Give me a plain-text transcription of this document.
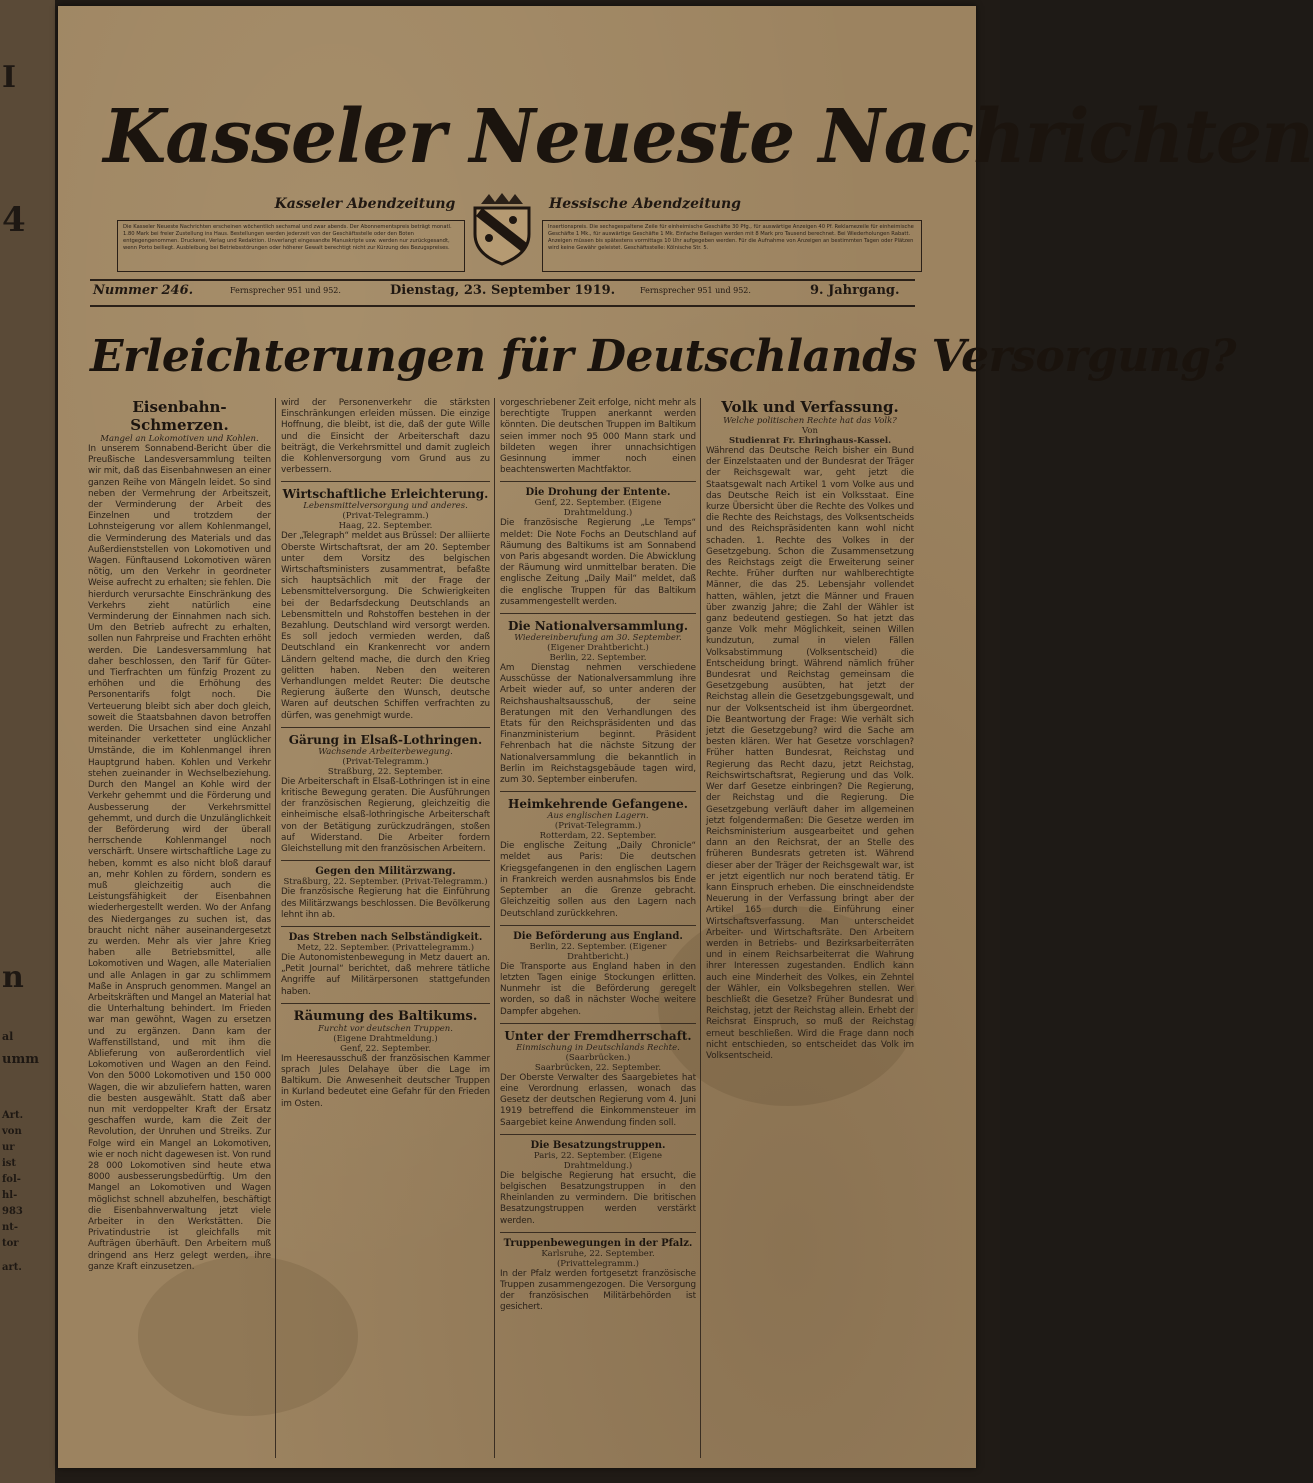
I
4
n
al
umm
Art.
von
ur
ist
fol-
hl-
983
nt-
tor
art.
Kasseler Neueste Nachrichten
Kasseler Abendzeitung	Hessische Abendzeitung
Die Kasseler Neueste Nachrichten erscheinen wöchentlich sechsmal und zwar abends. Der Abonnementspreis beträgt monatl. 1.80 Mark bei freier Zustellung ins Haus. Bestellungen werden jederzeit von der Geschäftsstelle oder den Boten entgegengenommen. Druckerei, Verlag und Redaktion. Unverlangt eingesandte Manuskripte usw. werden nur zurückgesandt, wenn Porto beiliegt. Ausbleibung bei Betriebsstörungen oder höherer Gewalt berechtigt nicht zur Kürzung des Bezugspreises.
Insertionspreis. Die sechsgespaltene Zeile für einheimische Geschäfte 30 Pfg., für auswärtige Anzeigen 40 Pf. Reklamezeile für einheimische Geschäfte 1 Mk., für auswärtige Geschäfte 1 Mk. Einfache Beilagen werden mit 8 Mark pro Tausend berechnet. Bei Wiederholungen Rabatt. Anzeigen müssen bis spätestens vormittags 10 Uhr aufgegeben werden. Für die Aufnahme von Anzeigen an bestimmten Tagen oder Plätzen wird keine Gewähr geleistet. Geschäftsstelle: Kölnische Str. 5.
Nummer 246.	Fernsprecher 951 und 952.	Dienstag, 23. September 1919.	Fernsprecher 951 und 952.	9. Jahrgang.
Erleichterungen für Deutschlands Versorgung?
Eisenbahn-Schmerzen.
Mangel an Lokomotiven und Kohlen.
In unserem Sonnabend-Bericht über die Preußische Landesversammlung teilten wir mit, daß das Eisenbahnwesen an einer ganzen Reihe von Mängeln leidet. So sind neben der Vermehrung der Arbeitszeit, der Verminderung der Arbeit des Einzelnen und trotzdem der Lohnsteigerung vor allem Kohlenmangel, die Verminderung des Materials und das Außerdienststellen von Lokomotiven und Wagen. Fünftausend Lokomotiven wären nötig, um den Verkehr in geordneter Weise aufrecht zu erhalten; sie fehlen. Die hierdurch verursachte Einschränkung des Verkehrs zieht natürlich eine Verminderung der Einnahmen nach sich. Um den Betrieb aufrecht zu erhalten, sollen nun Fahrpreise und Frachten erhöht werden. Die Landesversammlung hat daher beschlossen, den Tarif für Güter- und Tierfrachten um fünfzig Prozent zu erhöhen und die Erhöhung des Personentarifs folgt noch. Die Verteuerung bleibt sich aber doch gleich, soweit die Staatsbahnen davon betroffen werden. Die Ursachen sind eine Anzahl miteinander verketteter unglücklicher Umstände, die im Kohlenmangel ihren Hauptgrund haben. Kohlen und Verkehr stehen zueinander in Wechselbeziehung. Durch den Mangel an Kohle wird der Verkehr gehemmt und die Förderung und Ausbesserung der Verkehrsmittel gehemmt, und durch die Unzulänglichkeit der Beförderung wird der überall herrschende Kohlenmangel noch verschärft. Unsere wirtschaftliche Lage zu heben, kommt es also nicht bloß darauf an, mehr Kohlen zu fördern, sondern es muß gleichzeitig auch die Leistungsfähigkeit der Eisenbahnen wiederhergestellt werden. Wo der Anfang des Niederganges zu suchen ist, das braucht nicht näher auseinandergesetzt zu werden. Mehr als vier Jahre Krieg haben alle Betriebsmittel, alle Lokomotiven und Wagen, alle Materialien und alle Anlagen in gar zu schlimmem Maße in Anspruch genommen. Mangel an Arbeitskräften und Mangel an Material hat die Unterhaltung behindert. Im Frieden war man gewöhnt, Wagen zu ersetzen und zu ergänzen. Dann kam der Waffenstillstand, und mit ihm die Ablieferung von außerordentlich viel Lokomotiven und Wagen an den Feind. Von den 5000 Lokomotiven und 150 000 Wagen, die wir abzuliefern hatten, waren die besten ausgewählt. Statt daß aber nun mit verdoppelter Kraft der Ersatz geschaffen wurde, kam die Zeit der Revolution, der Unruhen und Streiks. Zur Folge wird ein Mangel an Lokomotiven, wie er noch nicht dagewesen ist. Von rund 28 000 Lokomotiven sind heute etwa 8000 ausbesserungsbedürftig. Um den Mangel an Lokomotiven und Wagen möglichst schnell abzuhelfen, beschäftigt die Eisenbahnverwaltung jetzt viele Arbeiter in den Werkstätten. Die Privatindustrie ist gleichfalls mit Aufträgen überhäuft. Den Arbeitern muß dringend ans Herz gelegt werden, ihre ganze Kraft einzusetzen.
wird der Personenverkehr die stärksten Einschränkungen erleiden müssen. Die einzige Hoffnung, die bleibt, ist die, daß der gute Wille und die Einsicht der Arbeiterschaft dazu beiträgt, die Verkehrsmittel und damit zugleich die Kohlenversorgung vom Grund aus zu verbessern.
Wirtschaftliche Erleichterung.
Lebensmittelversorgung und anderes.
(Privat-Telegramm.)
Haag, 22. September.
Der „Telegraph“ meldet aus Brüssel: Der alliierte Oberste Wirtschaftsrat, der am 20. September unter dem Vorsitz des belgischen Wirtschaftsministers zusammentrat, befaßte sich hauptsächlich mit der Frage der Lebensmittelversorgung. Die Schwierigkeiten bei der Bedarfsdeckung Deutschlands an Lebensmitteln und Rohstoffen bestehen in der Bezahlung. Deutschland wird versorgt werden. Es soll jedoch vermieden werden, daß Deutschland ein Krankenrecht vor andern Ländern geltend mache, die durch den Krieg gelitten haben. Neben den weiteren Verhandlungen meldet Reuter: Die deutsche Regierung äußerte den Wunsch, deutsche Waren auf deutschen Schiffen verfrachten zu dürfen, was genehmigt wurde.
Gärung in Elsaß-Lothringen.
Wachsende Arbeiterbewegung.
(Privat-Telegramm.)
Straßburg, 22. September.
Die Arbeiterschaft in Elsaß-Lothringen ist in eine kritische Bewegung geraten. Die Ausführungen der französischen Regierung, gleichzeitig die einheimische elsaß-lothringische Arbeiterschaft von der Betätigung zurückzudrängen, stoßen auf Widerstand. Die Arbeiter fordern Gleichstellung mit den französischen Arbeitern.
Gegen den Militärzwang.
Straßburg, 22. September. (Privat-Telegramm.)
Die französische Regierung hat die Einführung des Militärzwangs beschlossen. Die Bevölkerung lehnt ihn ab.
Das Streben nach Selbständigkeit.
Metz, 22. September. (Privattelegramm.)
Die Autonomistenbewegung in Metz dauert an. „Petit Journal“ berichtet, daß mehrere tätliche Angriffe auf Militärpersonen stattgefunden haben.
Räumung des Baltikums.
Furcht vor deutschen Truppen.
(Eigene Drahtmeldung.)
Genf, 22. September.
Im Heeresausschuß der französischen Kammer sprach Jules Delahaye über die Lage im Baltikum. Die Anwesenheit deutscher Truppen in Kurland bedeutet eine Gefahr für den Frieden im Osten.
vorgeschriebener Zeit erfolge, nicht mehr als berechtigte Truppen anerkannt werden könnten. Die deutschen Truppen im Baltikum seien immer noch 95 000 Mann stark und bildeten wegen ihrer unnachsichtigen Gesinnung immer noch einen beachtenswerten Machtfaktor.
Die Drohung der Entente.
Genf, 22. September. (Eigene Drahtmeldung.)
Die französische Regierung „Le Temps“ meldet: Die Note Fochs an Deutschland auf Räumung des Baltikums ist am Sonnabend von Paris abgesandt worden. Die Abwicklung der Räumung wird unmittelbar beraten. Die englische Zeitung „Daily Mail“ meldet, daß die englische Truppen für das Baltikum zusammengestellt werden.
Die Nationalversammlung.
Wiedereinberufung am 30. September.
(Eigener Drahtbericht.)
Berlin, 22. September.
Am Dienstag nehmen verschiedene Ausschüsse der Nationalversammlung ihre Arbeit wieder auf, so unter anderen der Reichshaushaltsausschuß, der seine Beratungen mit den Verhandlungen des Etats für den Reichspräsidenten und das Finanzministerium beginnt. Präsident Fehrenbach hat die nächste Sitzung der Nationalversammlung die bekanntlich in Berlin im Reichstagsgebäude tagen wird, zum 30. September einberufen.
Heimkehrende Gefangene.
Aus englischen Lagern.
(Privat-Telegramm.)
Rotterdam, 22. September.
Die englische Zeitung „Daily Chronicle“ meldet aus Paris: Die deutschen Kriegsgefangenen in den englischen Lagern in Frankreich werden ausnahmslos bis Ende September an die Grenze gebracht. Gleichzeitig sollen aus den Lagern nach Deutschland zurückkehren.
Die Beförderung aus England.
Berlin, 22. September. (Eigener Drahtbericht.)
Die Transporte aus England haben in den letzten Tagen einige Stockungen erlitten. Nunmehr ist die Beförderung geregelt worden, so daß in nächster Woche weitere Dampfer abgehen.
Unter der Fremdherrschaft.
Einmischung in Deutschlands Rechte.
(Saarbrücken.)
Saarbrücken, 22. September.
Der Oberste Verwalter des Saargebietes hat eine Verordnung erlassen, wonach das Gesetz der deutschen Regierung vom 4. Juni 1919 betreffend die Einkommensteuer im Saargebiet keine Anwendung finden soll.
Die Besatzungstruppen.
Paris, 22. September. (Eigene Drahtmeldung.)
Die belgische Regierung hat ersucht, die belgischen Besatzungstruppen in den Rheinlanden zu vermindern. Die britischen Besatzungstruppen werden verstärkt werden.
Truppenbewegungen in der Pfalz.
Karlsruhe, 22. September. (Privattelegramm.)
In der Pfalz werden fortgesetzt französische Truppen zusammengezogen. Die Versorgung der französischen Militärbehörden ist gesichert.
Volk und Verfassung.
Welche politischen Rechte hat das Volk?
Von
Studienrat Fr. Ehringhaus-Kassel.
Während das Deutsche Reich bisher ein Bund der Einzelstaaten und der Bundesrat der Träger der Reichsgewalt war, geht jetzt die Staatsgewalt nach Artikel 1 vom Volke aus und das Deutsche Reich ist ein Volksstaat. Eine kurze Übersicht über die Rechte des Volkes und die Rechte des Reichstags, des Volksentscheids und des Reichspräsidenten kann wohl nicht schaden. 1. Rechte des Volkes in der Gesetzgebung. Schon die Zusammensetzung des Reichstags zeigt die Erweiterung seiner Rechte. Früher durften nur wahlberechtigte Männer, die das 25. Lebensjahr vollendet hatten, wählen, jetzt die Männer und Frauen über zwanzig Jahre; die Zahl der Wähler ist ganz bedeutend gestiegen. So hat jetzt das ganze Volk mehr Möglichkeit, seinen Willen kundzutun, zumal in vielen Fällen Volksabstimmung (Volksentscheid) die Entscheidung bringt. Während nämlich früher Bundesrat und Reichstag gemeinsam die Gesetzgebung ausübten, hat jetzt der Reichstag allein die Gesetzgebungsgewalt, und nur der Volksentscheid ist ihm übergeordnet. Die Beantwortung der Frage: Wie verhält sich jetzt die Gesetzgebung? wird die Sache am besten klären. Wer hat Gesetze vorschlagen? Früher hatten Bundesrat, Reichstag und Regierung das Recht dazu, jetzt Reichstag, Reichswirtschaftsrat, Regierung und das Volk. Wer darf Gesetze einbringen? Die Regierung, der Reichstag und die Regierung. Die Gesetzgebung verläuft daher im allgemeinen jetzt folgendermaßen: Die Gesetze werden im Reichsministerium ausgearbeitet und gehen dann an den Reichsrat, der an Stelle des früheren Bundesrats getreten ist. Während dieser aber der Träger der Reichsgewalt war, ist er jetzt eigentlich nur noch beratend tätig. Er kann Einspruch erheben. Die einschneidendste Neuerung in der Verfassung bringt aber der Artikel 165 durch die Einführung einer Wirtschaftsverfassung. Man unterscheidet Arbeiter- und Wirtschaftsräte. Den Arbeitern werden in Betriebs- und Bezirksarbeiterräten und in einem Reichsarbeiterrat die Wahrung ihrer Interessen zugestanden. Endlich kann auch eine Minderheit des Volkes, ein Zehntel der Wähler, ein Volksbegehren stellen. Wer beschließt die Gesetze? Früher Bundesrat und Reichstag, jetzt der Reichstag allein. Erhebt der Reichsrat Einspruch, so muß der Reichstag erneut beschließen. Wird die Frage dann noch nicht entschieden, so entscheidet das Volk im Volksentscheid.
